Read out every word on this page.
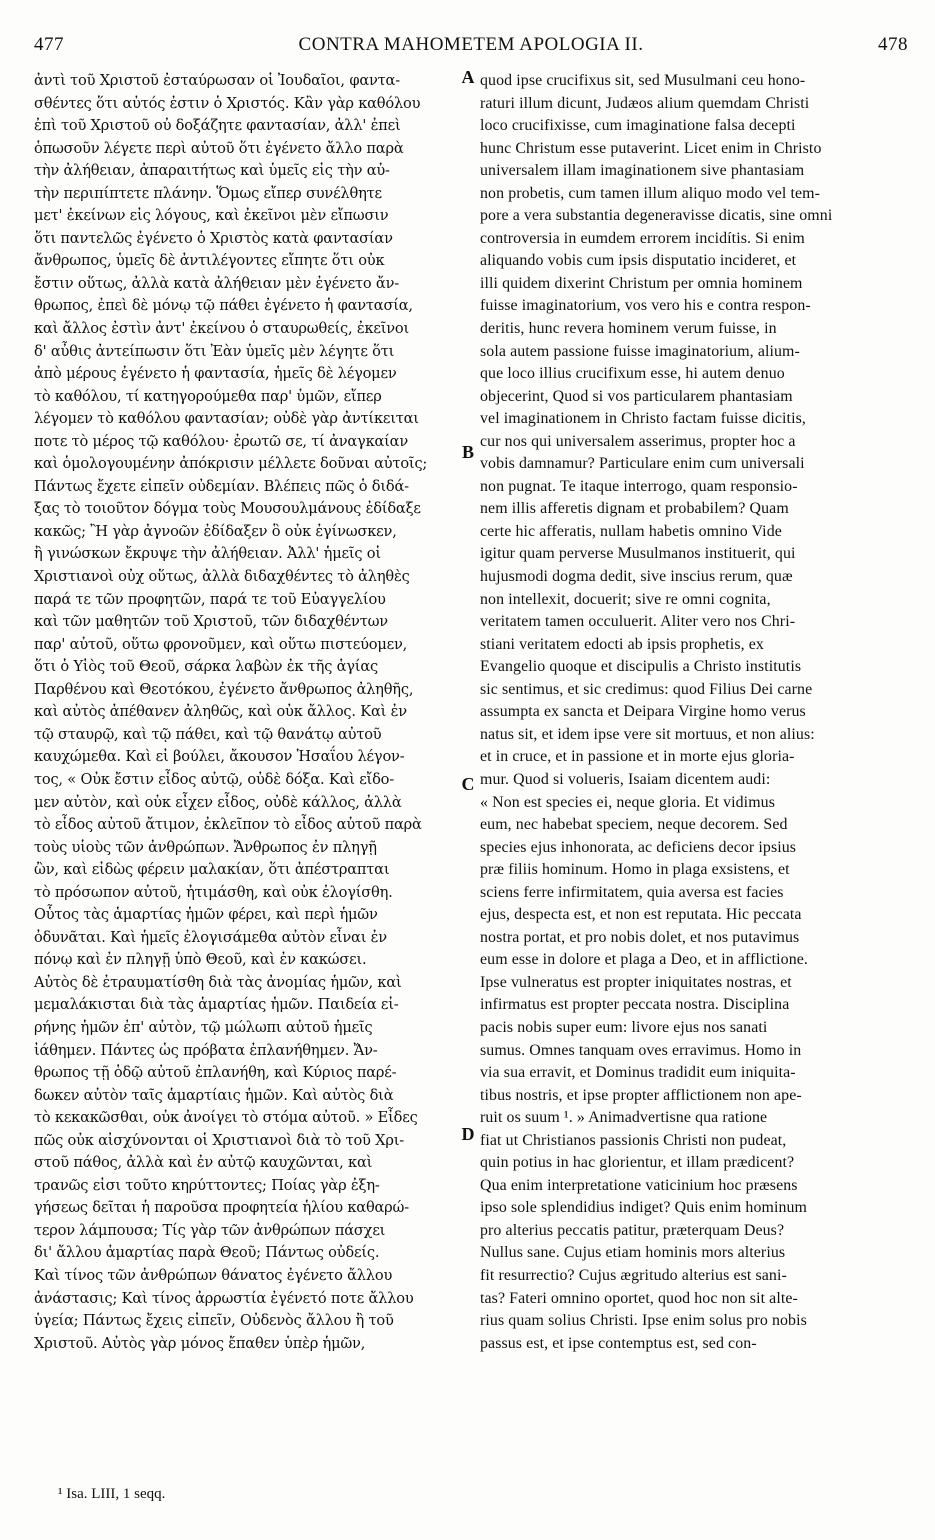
477	CONTRA MAHOMETEM APOLOGIA II.	478
ἀντὶ τοῦ Χριστοῦ ἐσταύρωσαν οἱ Ἰουδαῖοι, φαντα-
σθέντες ὅτι αὐτός ἐστιν ὁ Χριστός. Κἂν γὰρ καθόλου
ἐπὶ τοῦ Χριστοῦ οὐ δοξάζητε φαντασίαν, ἀλλ' ἐπεὶ
ὁπωσοῦν λέγετε περὶ αὐτοῦ ὅτι ἐγένετο ἄλλο παρὰ
τὴν ἀλήθειαν, ἀπαραιτήτως καὶ ὑμεῖς εἰς τὴν αὐ-
τὴν περιπίπτετε πλάνην. Ὅμως εἴπερ συνέλθητε
μετ' ἐκείνων εἰς λόγους, καὶ ἐκεῖνοι μὲν εἴπωσιν
ὅτι παντελῶς ἐγένετο ὁ Χριστὸς κατὰ φαντασίαν
ἄνθρωπος, ὑμεῖς δὲ ἀντιλέγοντες εἴπητε ὅτι οὐκ
ἔστιν οὕτως, ἀλλὰ κατὰ ἀλήθειαν μὲν ἐγένετο ἄν-
θρωπος, ἐπεὶ δὲ μόνῳ τῷ πάθει ἐγένετο ἡ φαντασία,
καὶ ἄλλος ἐστὶν ἀντ' ἐκείνου ὁ σταυρωθείς, ἐκεῖνοι
δ' αὖθις ἀντείπωσιν ὅτι Ἐὰν ὑμεῖς μὲν λέγητε ὅτι
ἀπὸ μέρους ἐγένετο ἡ φαντασία, ἡμεῖς δὲ λέγομεν
τὸ καθόλου, τί κατηγορούμεθα παρ' ὑμῶν, εἴπερ
λέγομεν τὸ καθόλου φαντασίαν; οὐδὲ γὰρ ἀντίκειται
ποτε τὸ μέρος τῷ καθόλου· ἐρωτῶ σε, τί ἀναγκαίαν
καὶ ὁμολογουμένην ἀπόκρισιν μέλλετε δοῦναι αὐτοῖς;
Πάντως ἔχετε εἰπεῖν οὐδεμίαν. Βλέπεις πῶς ὁ διδά-
ξας τὸ τοιοῦτον δόγμα τοὺς Μουσουλμάνους ἐδίδαξε
κακῶς; Ἢ γὰρ ἀγνοῶν ἐδίδαξεν ὃ οὐκ ἐγίνωσκεν,
ἢ γινώσκων ἔκρυψε τὴν ἀλήθειαν. Ἀλλ' ἡμεῖς οἱ
Χριστιανοὶ οὐχ οὕτως, ἀλλὰ διδαχθέντες τὸ ἀληθὲς
παρά τε τῶν προφητῶν, παρά τε τοῦ Εὐαγγελίου
καὶ τῶν μαθητῶν τοῦ Χριστοῦ, τῶν διδαχθέντων
παρ' αὐτοῦ, οὕτω φρονοῦμεν, καὶ οὕτω πιστεύομεν,
ὅτι ὁ Υἱὸς τοῦ Θεοῦ, σάρκα λαβὼν ἐκ τῆς ἁγίας
Παρθένου καὶ Θεοτόκου, ἐγένετο ἄνθρωπος ἀληθῆς,
καὶ αὐτὸς ἀπέθανεν ἀληθῶς, καὶ οὐκ ἄλλος. Καὶ ἐν
τῷ σταυρῷ, καὶ τῷ πάθει, καὶ τῷ θανάτῳ αὐτοῦ
καυχώμεθα. Καὶ εἰ βούλει, ἄκουσον Ἡσαΐου λέγον-
τος, « Οὐκ ἔστιν εἶδος αὐτῷ, οὐδὲ δόξα. Καὶ εἴδο-
μεν αὐτὸν, καὶ οὐκ εἶχεν εἶδος, οὐδὲ κάλλος, ἀλλὰ
τὸ εἶδος αὐτοῦ ἄτιμον, ἐκλεῖπον τὸ εἶδος αὐτοῦ παρὰ
τοὺς υἱοὺς τῶν ἀνθρώπων. Ἄνθρωπος ἐν πληγῇ
ὢν, καὶ εἰδὼς φέρειν μαλακίαν, ὅτι ἀπέστραπται
τὸ πρόσωπον αὐτοῦ, ἠτιμάσθη, καὶ οὐκ ἐλογίσθη.
Οὗτος τὰς ἁμαρτίας ἡμῶν φέρει, καὶ περὶ ἡμῶν
ὀδυνᾶται. Καὶ ἡμεῖς ἐλογισάμεθα αὐτὸν εἶναι ἐν
πόνῳ καὶ ἐν πληγῇ ὑπὸ Θεοῦ, καὶ ἐν κακώσει.
Αὐτὸς δὲ ἐτραυματίσθη διὰ τὰς ἀνομίας ἡμῶν, καὶ
μεμαλάκισται διὰ τὰς ἁμαρτίας ἡμῶν. Παιδεία εἰ-
ρήνης ἡμῶν ἐπ' αὐτὸν, τῷ μώλωπι αὐτοῦ ἡμεῖς
ἰάθημεν. Πάντες ὡς πρόβατα ἐπλανήθημεν. Ἄν-
θρωπος τῇ ὁδῷ αὐτοῦ ἐπλανήθη, καὶ Κύριος παρέ-
δωκεν αὐτὸν ταῖς ἁμαρτίαις ἡμῶν. Καὶ αὐτὸς διὰ
τὸ κεκακῶσθαι, οὐκ ἀνοίγει τὸ στόμα αὐτοῦ. » Εἶδες
πῶς οὐκ αἰσχύνονται οἱ Χριστιανοὶ διὰ τὸ τοῦ Χρι-
στοῦ πάθος, ἀλλὰ καὶ ἐν αὐτῷ καυχῶνται, καὶ
τρανῶς εἰσι τοῦτο κηρύττοντες; Ποίας γὰρ ἐξη-
γήσεως δεῖται ἡ παροῦσα προφητεία ἡλίου καθαρώ-
τερον λάμπουσα; Τίς γὰρ τῶν ἀνθρώπων πάσχει
δι' ἄλλου ἁμαρτίας παρὰ Θεοῦ; Πάντως οὐδείς.
Καὶ τίνος τῶν ἀνθρώπων θάνατος ἐγένετο ἄλλου
ἀνάστασις; Καὶ τίνος ἀρρωστία ἐγένετό ποτε ἄλλου
ὑγεία; Πάντως ἔχεις εἰπεῖν, Οὐδενὸς ἄλλου ἢ τοῦ
Χριστοῦ. Αὐτὸς γὰρ μόνος ἔπαθεν ὑπὲρ ἡμῶν,
quod ipse crucifixus sit, sed Musulmani ceu hono-
raturi illum dicunt, Judæos alium quemdam Christi
loco crucifixisse, cum imaginatione falsa decepti
hunc Christum esse putaverint. Licet enim in Christo
universalem illam imaginationem sive phantasiam
non probetis, cum tamen illum aliquo modo vel tem-
pore a vera substantia degeneravisse dicatis, sine omni
controversia in eumdem errorem incidítis. Si enim
aliquando vobis cum ipsis disputatio incideret, et
illi quidem dixerint Christum per omnia hominem
fuisse imaginatorium, vos vero his e contra respon-
deritis, hunc revera hominem verum fuisse, in
sola autem passione fuisse imaginatorium, alium-
que loco illius crucifixum esse, hi autem denuo
objecerint, Quod si vos particularem phantasiam
vel imaginationem in Christo factam fuisse dicitis,
cur nos qui universalem asserimus, propter hoc a
vobis damnamur? Particulare enim cum universali
non pugnat. Te itaque interrogo, quam responsio-
nem illis afferetis dignam et probabilem? Quam
certe hic afferatis, nullam habetis omnino Vide
igitur quam perverse Musulmanos instituerit, qui
hujusmodi dogma dedit, sive inscius rerum, quæ
non intellexit, docuerit; sive re omni cognita,
veritatem tamen occuluerit. Aliter vero nos Chri-
stiani veritatem edocti ab ipsis prophetis, ex
Evangelio quoque et discipulis a Christo institutis
sic sentimus, et sic credimus: quod Filius Dei carne
assumpta ex sancta et Deipara Virgine homo verus
natus sit, et idem ipse vere sit mortuus, et non alius:
et in cruce, et in passione et in morte ejus gloria-
mur. Quod si volueris, Isaiam dicentem audi:
« Non est species ei, neque gloria. Et vidimus
eum, nec habebat speciem, neque decorem. Sed
species ejus inhonorata, ac deficiens decor ipsius
præ filiis hominum. Homo in plaga exsistens, et
sciens ferre infirmitatem, quia aversa est facies
ejus, despecta est, et non est reputata. Hic peccata
nostra portat, et pro nobis dolet, et nos putavimus
eum esse in dolore et plaga a Deo, et in afflictione.
Ipse vulneratus est propter iniquitates nostras, et
infirmatus est propter peccata nostra. Disciplina
pacis nobis super eum: livore ejus nos sanati
sumus. Omnes tanquam oves erravimus. Homo in
via sua erravit, et Dominus tradidit eum iniquita-
tibus nostris, et ipse propter afflictionem non ape-
ruit os suum ¹. » Animadvertisne qua ratione
fiat ut Christianos passionis Christi non pudeat,
quin potius in hac glorientur, et illam prædicent?
Qua enim interpretatione vaticinium hoc præsens
ipso sole splendidius indiget? Quis enim hominum
pro alterius peccatis patitur, præterquam Deus?
Nullus sane. Cujus etiam hominis mors alterius
fit resurrectio? Cujus ægritudo alterius est sani-
tas? Fateri omnino oportet, quod hoc non sit alte-
rius quam solius Christi. Ipse enim solus pro nobis
passus est, et ipse contemptus est, sed con-
A
B
C
D
¹ Isa. LIII, 1 seqq.
